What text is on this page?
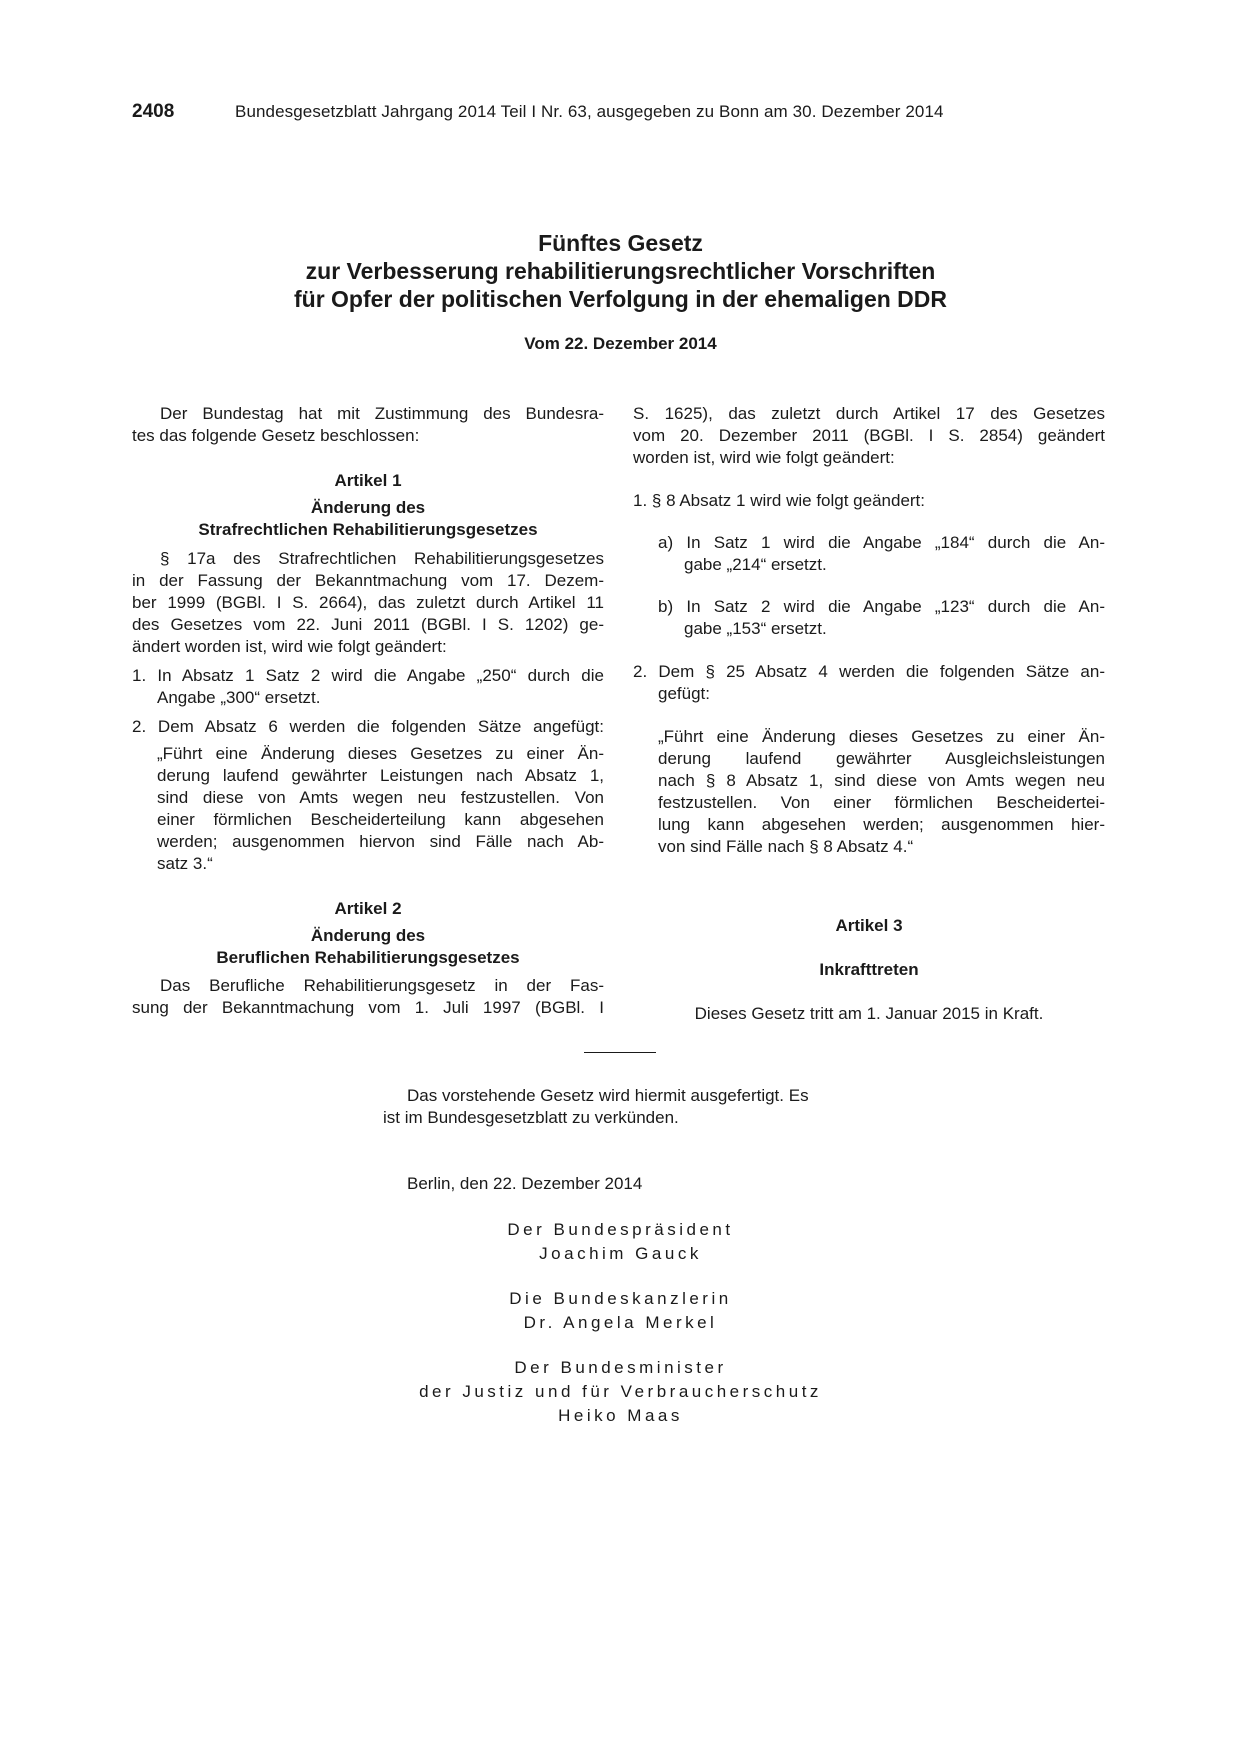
2408	Bundesgesetzblatt Jahrgang 2014 Teil I Nr. 63, ausgegeben zu Bonn am 30. Dezember 2014
Fünftes Gesetz
zur Verbesserung rehabilitierungsrechtlicher Vorschriften
für Opfer der politischen Verfolgung in der ehemaligen DDR
Vom 22. Dezember 2014
Der Bundestag hat mit Zustimmung des Bundesra-
tes das folgende Gesetz beschlossen:
Artikel 1
Änderung des
Strafrechtlichen Rehabilitierungsgesetzes
§ 17a des Strafrechtlichen Rehabilitierungsgesetzes
in der Fassung der Bekanntmachung vom 17. Dezem-
ber 1999 (BGBl. I S. 2664), das zuletzt durch Artikel 11
des Gesetzes vom 22. Juni 2011 (BGBl. I S. 1202) ge-
ändert worden ist, wird wie folgt geändert:
1. In Absatz 1 Satz 2 wird die Angabe „250“ durch die
Angabe „300“ ersetzt.
2. Dem Absatz 6 werden die folgenden Sätze angefügt:
„Führt eine Änderung dieses Gesetzes zu einer Än-
derung laufend gewährter Leistungen nach Absatz 1,
sind diese von Amts wegen neu festzustellen. Von
einer förmlichen Bescheiderteilung kann abgesehen
werden; ausgenommen hiervon sind Fälle nach Ab-
satz 3.“
Artikel 2
Änderung des
Beruflichen Rehabilitierungsgesetzes
Das Berufliche Rehabilitierungsgesetz in der Fas-
sung der Bekanntmachung vom 1. Juli 1997 (BGBl. I
S. 1625), das zuletzt durch Artikel 17 des Gesetzes
vom 20. Dezember 2011 (BGBl. I S. 2854) geändert
worden ist, wird wie folgt geändert:
1. § 8 Absatz 1 wird wie folgt geändert:
a) In Satz 1 wird die Angabe „184“ durch die An-
gabe „214“ ersetzt.
b) In Satz 2 wird die Angabe „123“ durch die An-
gabe „153“ ersetzt.
2. Dem § 25 Absatz 4 werden die folgenden Sätze an-
gefügt:
„Führt eine Änderung dieses Gesetzes zu einer Än-
derung laufend gewährter Ausgleichsleistungen
nach § 8 Absatz 1, sind diese von Amts wegen neu
festzustellen. Von einer förmlichen Bescheidertei-
lung kann abgesehen werden; ausgenommen hier-
von sind Fälle nach § 8 Absatz 4.“
Artikel 3
Inkrafttreten
Dieses Gesetz tritt am 1. Januar 2015 in Kraft.
Das vorstehende Gesetz wird hiermit ausgefertigt. Es
ist im Bundesgesetzblatt zu verkünden.
Berlin, den 22. Dezember 2014
Der Bundespräsident
Joachim Gauck
Die Bundeskanzlerin
Dr. Angela Merkel
Der Bundesminister
der Justiz und für Verbraucherschutz
Heiko Maas
